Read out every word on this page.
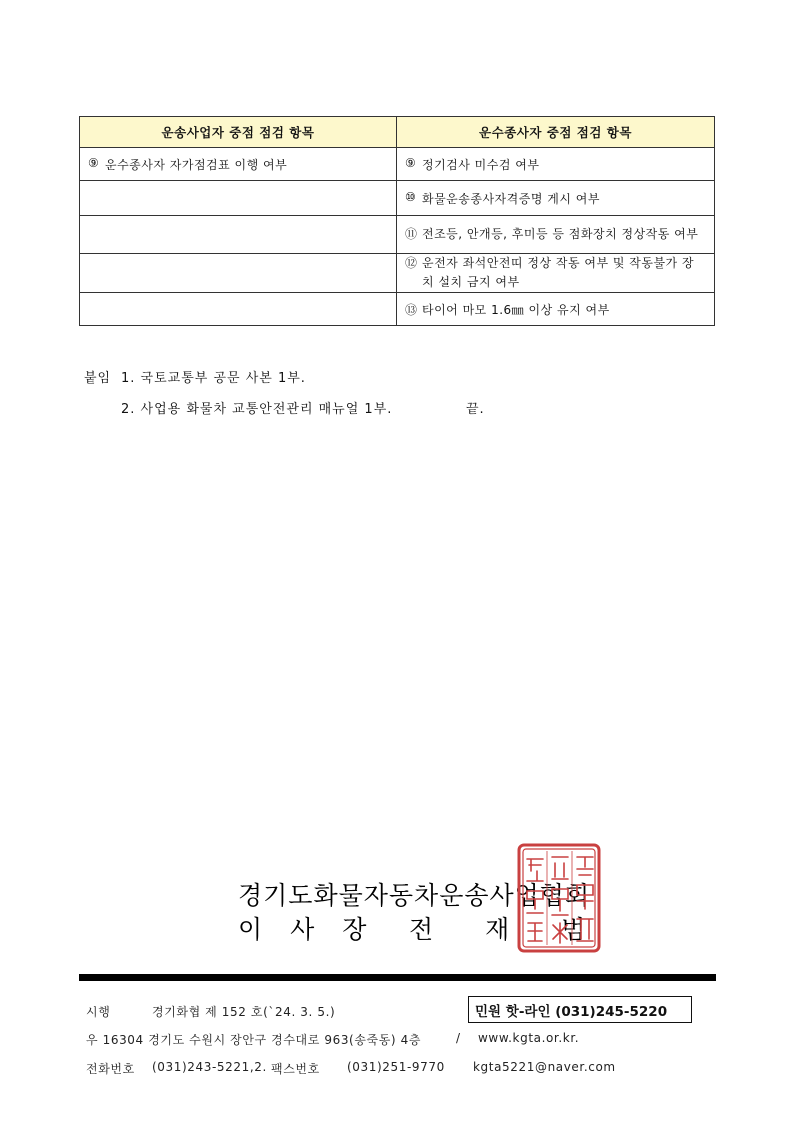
운송사업자 중점 점검 항목	운수종사자 중점 점검 항목

⑨ 운수종사자 자가점검표 이행 여부	⑨ 정기검사 미수검 여부

	⑩ 화물운송종사자격증명 게시 여부

	⑪ 전조등, 안개등, 후미등 등 점화장치 정상작동 여부

	⑫ 운전자 좌석안전띠 정상 작동 여부 및 작동불가 장치 설치 금지 여부

	⑬ 타이어 마모 1.6㎜ 이상 유지 여부
붙임 1. 국토교통부 공문 사본 1부.
2. 사업용 화물차 교통안전관리 매뉴얼 1부.	끝.
경기도화물자동차운송사업협회
이 사 장 전 재 범
시행	경기화협 제 152 호(`24. 3. 5.)	민원 핫-라인 (031)245-5220
우 16304 경기도 수원시 장안구 경수대로 963(송죽동) 4층	/ www.kgta.or.kr.
전화번호 (031)243-5221,2. 팩스번호 (031)251-9770 kgta5221@naver.com
